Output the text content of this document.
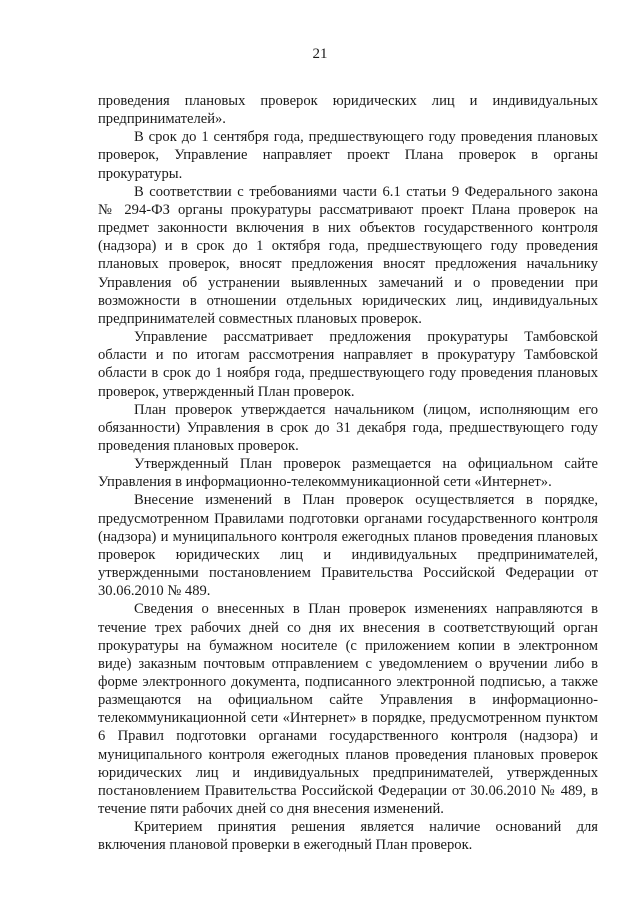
21

проведения плановых проверок юридических лиц и индивидуальных предпринимателей».

В срок до 1 сентября года, предшествующего году проведения плановых проверок, Управление направляет проект Плана проверок в органы прокуратуры.

В соответствии с требованиями части 6.1 статьи 9 Федерального закона № 294-ФЗ органы прокуратуры рассматривают проект Плана проверок на предмет законности включения в них объектов государственного контроля (надзора) и в срок до 1 октября года, предшествующего году проведения плановых проверок, вносят предложения вносят предложения начальнику Управления об устранении выявленных замечаний и о проведении при возможности в отношении отдельных юридических лиц, индивидуальных предпринимателей совместных плановых проверок.

Управление рассматривает предложения прокуратуры Тамбовской области и по итогам рассмотрения направляет в прокуратуру Тамбовской области в срок до 1 ноября года, предшествующего году проведения плановых проверок, утвержденный План проверок.

План проверок утверждается начальником (лицом, исполняющим его обязанности) Управления в срок до 31 декабря года, предшествующего году проведения плановых проверок.

Утвержденный План проверок размещается на официальном сайте Управления в информационно-телекоммуникационной сети «Интернет».

Внесение изменений в План проверок осуществляется в порядке, предусмотренном Правилами подготовки органами государственного контроля (надзора) и муниципального контроля ежегодных планов проведения плановых проверок юридических лиц и индивидуальных предпринимателей, утвержденными постановлением Правительства Российской Федерации от 30.06.2010 № 489.

Сведения о внесенных в План проверок изменениях направляются в течение трех рабочих дней со дня их внесения в соответствующий орган прокуратуры на бумажном носителе (с приложением копии в электронном виде) заказным почтовым отправлением с уведомлением о вручении либо в форме электронного документа, подписанного электронной подписью, а также размещаются на официальном сайте Управления в информационно-телекоммуникационной сети «Интернет» в порядке, предусмотренном пунктом 6 Правил подготовки органами государственного контроля (надзора) и муниципального контроля ежегодных планов проведения плановых проверок юридических лиц и индивидуальных предпринимателей, утвержденных постановлением Правительства Российской Федерации от 30.06.2010 № 489, в течение пяти рабочих дней со дня внесения изменений.

Критерием принятия решения является наличие оснований для включения плановой проверки в ежегодный План проверок.
